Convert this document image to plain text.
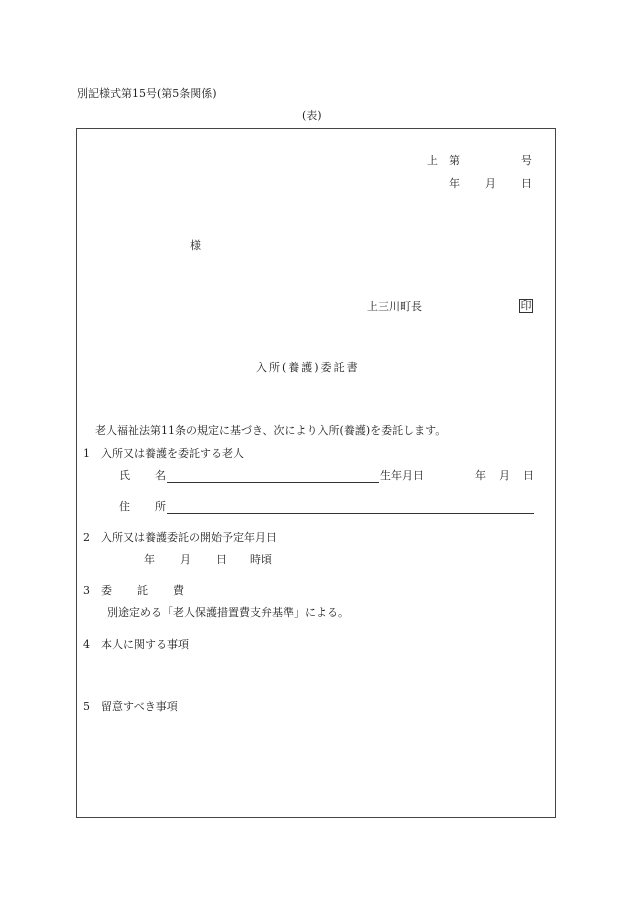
別記様式第15号(第5条関係)
(表)
上 第	号
年 月 日
様
上三川町長	印
入所(養護)委託書
老人福祉法第11条の規定に基づき、次により入所(養護)を委託します。
1 入所又は養護を委託する老人
氏 名	生年月日	年 月 日
住 所
2 入所又は養護委託の開始予定年月日
年 月 日 時頃
3 委 託 費
別途定める「老人保護措置費支弁基準」による。
4 本人に関する事項
5 留意すべき事項
